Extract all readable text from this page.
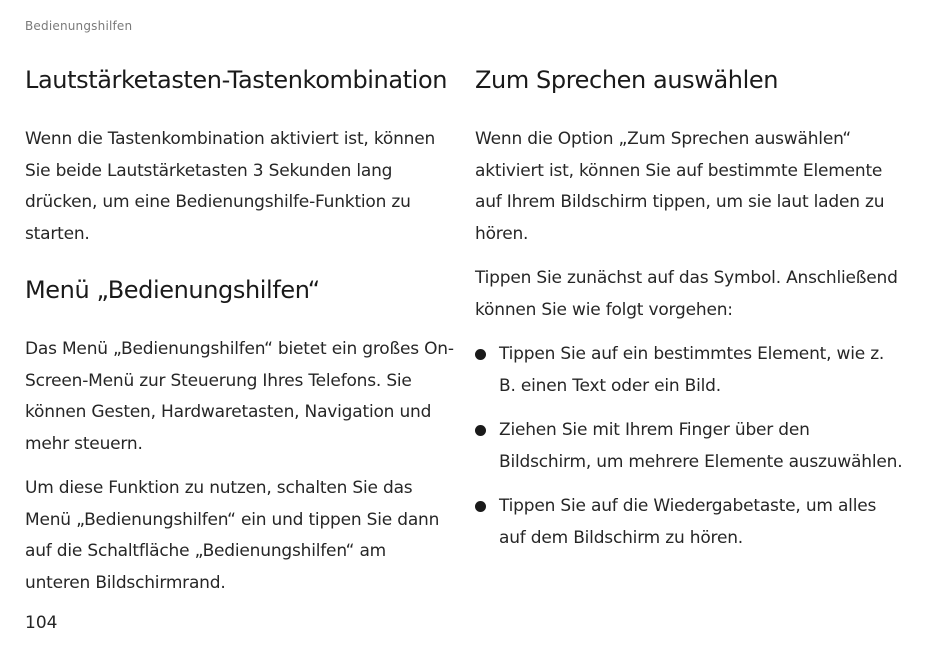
Bedienungshilfen
Lautstärketasten-Tastenkombination

Wenn die Tastenkombination aktiviert ist, können Sie beide Lautstärketasten 3 Sekunden lang drücken, um eine Bedienungshilfe-Funktion zu starten.

Menü „Bedienungshilfen“

Das Menü „Bedienungshilfen“ bietet ein großes On-Screen-Menü zur Steuerung Ihres Telefons. Sie können Gesten, Hardwaretasten, Navigation und mehr steuern.

Um diese Funktion zu nutzen, schalten Sie das Menü „Bedienungshilfen“ ein und tippen Sie dann auf die Schaltfläche „Bedienungshilfen“ am unteren Bildschirmrand.

Zum Sprechen auswählen

Wenn die Option „Zum Sprechen auswählen“ aktiviert ist, können Sie auf bestimmte Elemente auf Ihrem Bildschirm tippen, um sie laut laden zu hören.

Tippen Sie zunächst auf das Symbol. Anschließend können Sie wie folgt vorgehen:

Tippen Sie auf ein bestimmtes Element, wie z. B. einen Text oder ein Bild.
Ziehen Sie mit Ihrem Finger über den Bildschirm, um mehrere Elemente auszuwählen.
Tippen Sie auf die Wiedergabetaste, um alles auf dem Bildschirm zu hören.
104
